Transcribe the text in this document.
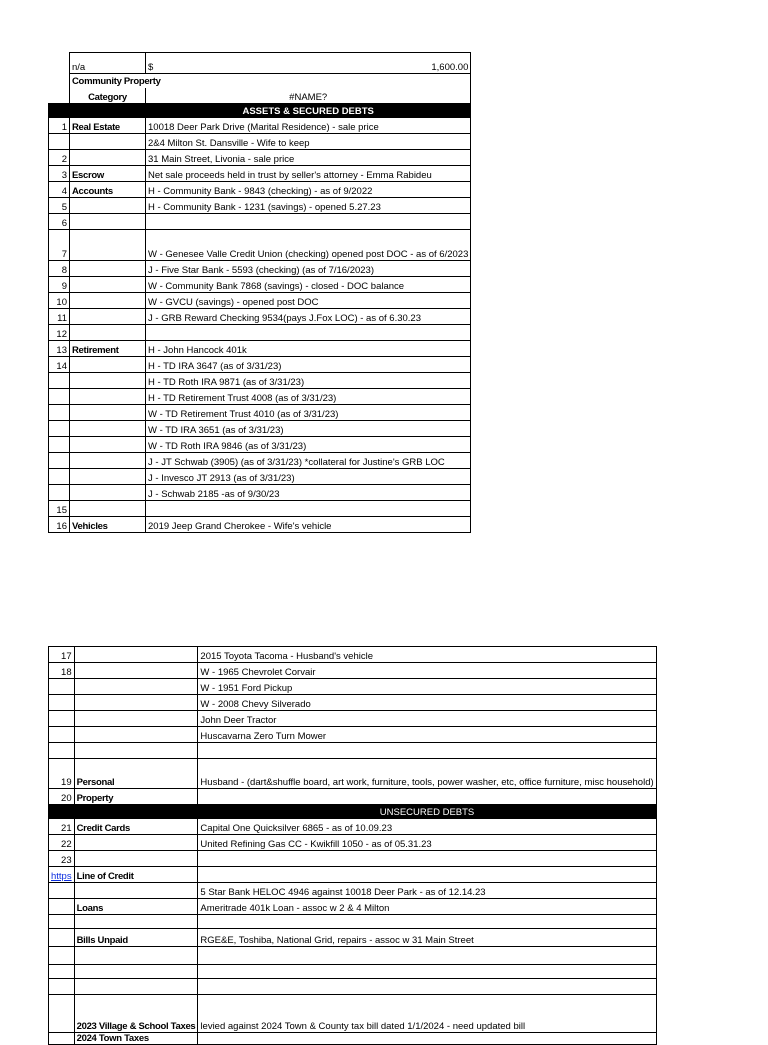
	n/a	$ 1,600.00

	Community Property	
	Category	#NAME?
		ASSETS & SECURED DEBTS
1	Real Estate	10018 Deer Park Drive (Marital Residence) - sale price
		2&4 Milton St. Dansville - Wife to keep
2		31 Main Street, Livonia - sale price
3	Escrow	Net sale proceeds held in trust by seller's attorney - Emma Rabideu
4	Accounts	H - Community Bank - 9843 (checking) - as of 9/2022
5		H - Community Bank - 1231 (savings) - opened 5.27.23
6		
7		W - Genesee Valle Credit Union (checking) opened post DOC - as of 6/2023
8		J - Five Star Bank - 5593 (checking) (as of 7/16/2023)
9		W - Community Bank 7868 (savings) - closed - DOC balance
10		W - GVCU (savings) - opened post DOC
11		J - GRB Reward Checking 9534(pays J.Fox LOC) - as of 6.30.23
12		
13	Retirement	H - John Hancock 401k
14		H - TD IRA 3647 (as of 3/31/23)
		H - TD Roth IRA 9871 (as of 3/31/23)
		H - TD Retirement Trust 4008 (as of 3/31/23)
		W - TD Retirement Trust 4010 (as of 3/31/23)
		W - TD IRA 3651 (as of 3/31/23)
		W - TD Roth IRA 9846 (as of 3/31/23)
		J - JT Schwab (3905) (as of 3/31/23) *collateral for Justine's GRB LOC
		J - Invesco JT 2913 (as of 3/31/23)
		J - Schwab 2185 -as of 9/30/23
15		
16	Vehicles	2019 Jeep Grand Cherokee - Wife's vehicle
17		2015 Toyota Tacoma - Husband's vehicle
18		W - 1965 Chevrolet Corvair
		W - 1951 Ford Pickup
		W - 2008 Chevy Silverado
		John Deer Tractor
		Huscavarna Zero Turn Mower

19	Personal	Husband - (dart&shuffle board, art work, furniture, tools, power washer, etc, office furniture, misc household)
20	Property	
		UNSECURED DEBTS
21	Credit Cards	Capital One Quicksilver 6865 - as of 10.09.23
22		United Refining Gas CC - Kwikfill 1050 - as of 05.31.23
23		
https	Line of Credit	
		5 Star Bank HELOC 4946 against 10018 Deer Park - as of 12.14.23
	Loans	Ameritrade 401k Loan - assoc w 2 & 4 Milton

	Bills Unpaid	RGE&E, Toshiba, National Grid, repairs - assoc w 31 Main Street

	2023 Village & School Taxes	levied against 2024 Town & County tax bill dated 1/1/2024 - need updated bill
	2024 Town Taxes	
